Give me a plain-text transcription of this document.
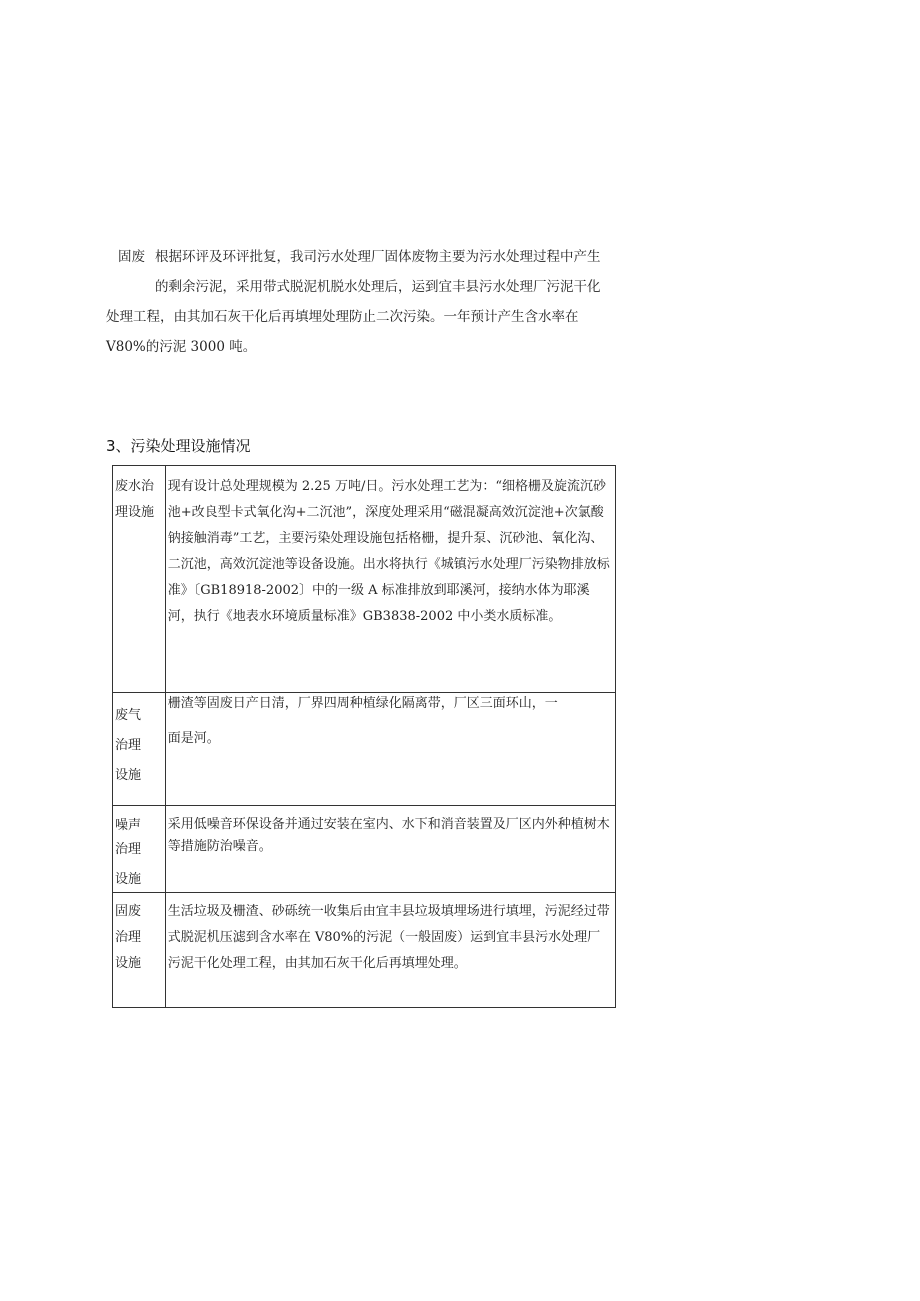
固废 根据环评及环评批复，我司污水处理厂固体废物主要为污水处理过程中产生
的剩余污泥，采用带式脱泥机脱水处理后，运到宜丰县污水处理厂污泥干化
处理工程，由其加石灰干化后再填埋处理防止二次污染。一年预计产生含水率在
V80%的污泥 3000 吨。
3、污染处理设施情况
废水治
理设施	现有设计总处理规模为 2.25 万吨/日。污水处理工艺为：“细格栅及旋流沉砂池+改良型卡式氧化沟+二沉池”，深度处理采用“磁混凝高效沉淀池+次氯酸钠接触消毒”工艺，主要污染处理设施包括格栅，提升泵、沉砂池、氧化沟、二沉池，高效沉淀池等设备设施。出水将执行《城镇污水处理厂污染物排放标准》〔GB18918-2002〕中的一级 A 标准排放到耶溪河，接纳水体为耶溪河，执行《地表水环境质量标准》GB3838-2002 中小类水质标准。

废气
治理
设施	栅渣等固废日产日清，厂界四周种植绿化隔离带，厂区三面环山，一
面是河。

噪声
治理
设施	采用低噪音环保设备并通过安装在室内、水下和消音装置及厂区内外种植树木等措施防治噪音。

固废
治理
设施	生活垃圾及栅渣、砂砾统一收集后由宜丰县垃圾填埋场进行填埋，污泥经过带式脱泥机压滤到含水率在 V80%的污泥（一般固废）运到宜丰县污水处理厂污泥干化处理工程，由其加石灰干化后再填埋处理。
